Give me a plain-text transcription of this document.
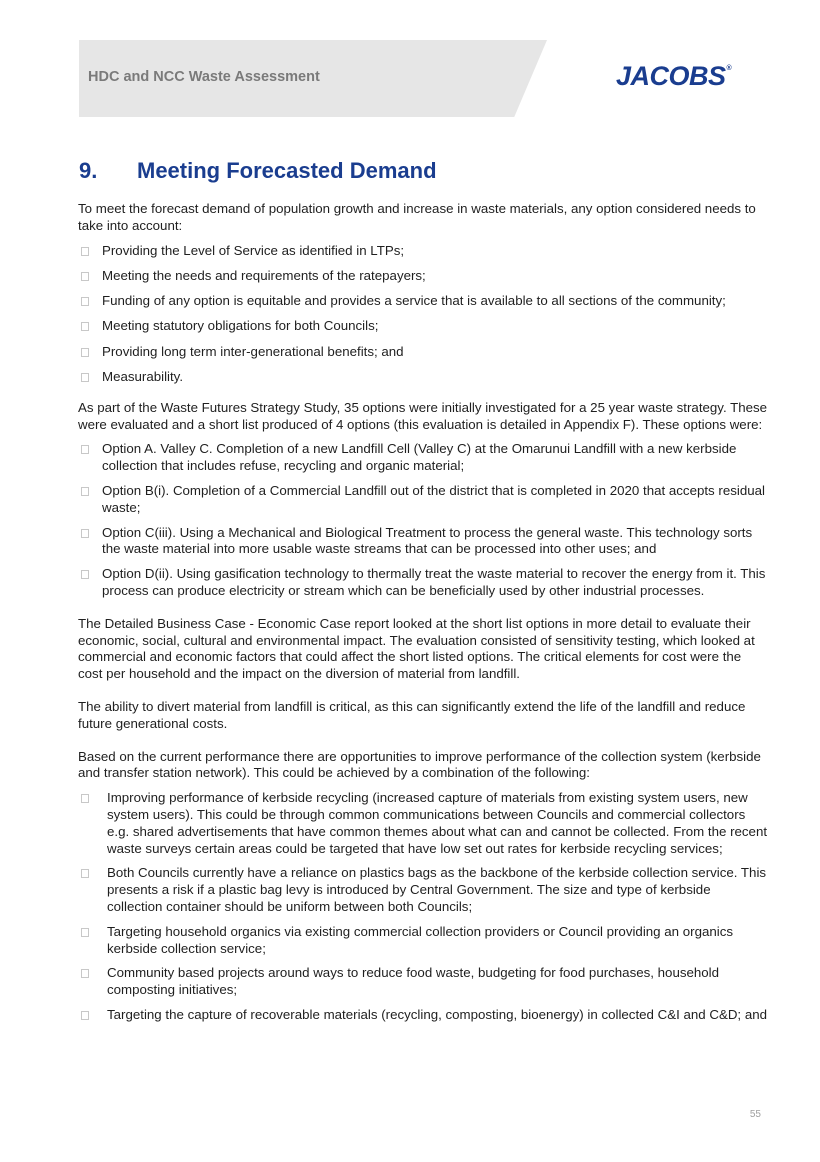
HDC and NCC Waste Assessment	JACOBS®
9. Meeting Forecasted Demand

To meet the forecast demand of population growth and increase in waste materials, any option considered needs to take into account:

Providing the Level of Service as identified in LTPs;
Meeting the needs and requirements of the ratepayers;
Funding of any option is equitable and provides a service that is available to all sections of the community;
Meeting statutory obligations for both Councils;
Providing long term inter-generational benefits; and
Measurability.

As part of the Waste Futures Strategy Study, 35 options were initially investigated for a 25 year waste strategy. These were evaluated and a short list produced of 4 options (this evaluation is detailed in Appendix F). These options were:

Option A. Valley C. Completion of a new Landfill Cell (Valley C) at the Omarunui Landfill with a new kerbside collection that includes refuse, recycling and organic material;
Option B(i). Completion of a Commercial Landfill out of the district that is completed in 2020 that accepts residual waste;
Option C(iii). Using a Mechanical and Biological Treatment to process the general waste. This technology sorts the waste material into more usable waste streams that can be processed into other uses; and
Option D(ii). Using gasification technology to thermally treat the waste material to recover the energy from it. This process can produce electricity or stream which can be beneficially used by other industrial processes.

The Detailed Business Case - Economic Case report looked at the short list options in more detail to evaluate their economic, social, cultural and environmental impact. The evaluation consisted of sensitivity testing, which looked at commercial and economic factors that could affect the short listed options. The critical elements for cost were the cost per household and the impact on the diversion of material from landfill.

The ability to divert material from landfill is critical, as this can significantly extend the life of the landfill and reduce future generational costs.

Based on the current performance there are opportunities to improve performance of the collection system (kerbside and transfer station network). This could be achieved by a combination of the following:

Improving performance of kerbside recycling (increased capture of materials from existing system users, new system users). This could be through common communications between Councils and commercial collectors e.g. shared advertisements that have common themes about what can and cannot be collected. From the recent waste surveys certain areas could be targeted that have low set out rates for kerbside recycling services;
Both Councils currently have a reliance on plastics bags as the backbone of the kerbside collection service. This presents a risk if a plastic bag levy is introduced by Central Government. The size and type of kerbside collection container should be uniform between both Councils;
Targeting household organics via existing commercial collection providers or Council providing an organics kerbside collection service;
Community based projects around ways to reduce food waste, budgeting for food purchases, household composting initiatives;
Targeting the capture of recoverable materials (recycling, composting, bioenergy) in collected C&I and C&D; and
55
